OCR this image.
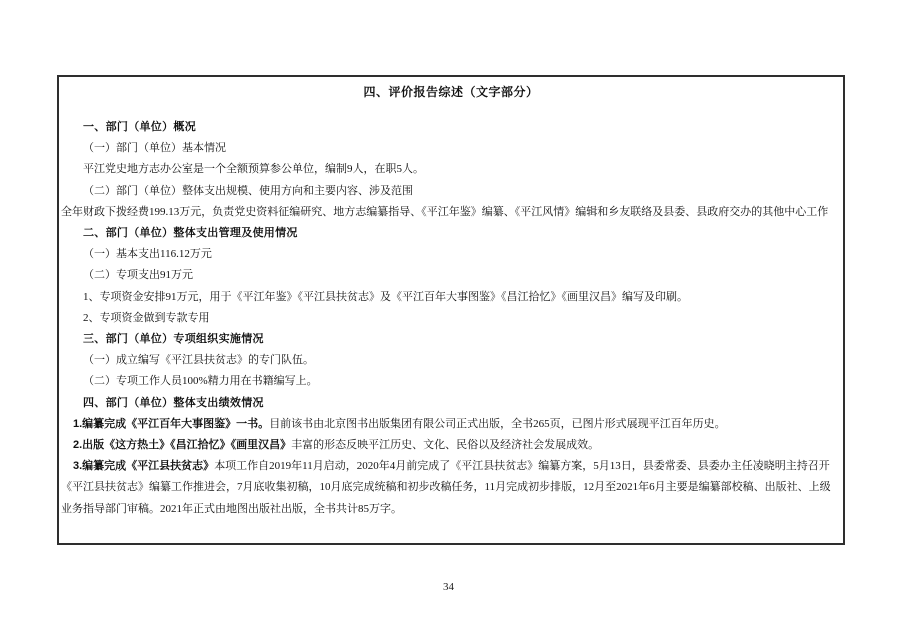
四、评价报告综述（文字部分）

一、部门（单位）概况

（一）部门（单位）基本情况

平江党史地方志办公室是一个全额预算参公单位，编制9人，在职5人。

（二）部门（单位）整体支出规模、使用方向和主要内容、涉及范围

全年财政下拨经费199.13万元，负责党史资料征编研究、地方志编纂指导、《平江年鉴》编纂、《平江风情》编辑和乡友联络及县委、县政府交办的其他中心工作

二、部门（单位）整体支出管理及使用情况

（一）基本支出116.12万元

（二）专项支出91万元

1、专项资金安排91万元，用于《平江年鉴》《平江县扶贫志》及《平江百年大事图鉴》《昌江拾忆》《画里汉昌》编写及印刷。

2、专项资金做到专款专用

三、部门（单位）专项组织实施情况

（一）成立编写《平江县扶贫志》的专门队伍。

（二）专项工作人员100%精力用在书籍编写上。

四、部门（单位）整体支出绩效情况

1.编纂完成《平江百年大事图鉴》一书。目前该书由北京图书出版集团有限公司正式出版，全书265页，已图片形式展现平江百年历史。

2.出版《这方热土》《昌江拾忆》《画里汉昌》丰富的形态反映平江历史、文化、民俗以及经济社会发展成效。

3.编纂完成《平江县扶贫志》本项工作自2019年11月启动，2020年4月前完成了《平江县扶贫志》编纂方案，5月13日，县委常委、县委办主任凌晓明主持召开《平江县扶贫志》编纂工作推进会，7月底收集初稿，10月底完成统稿和初步改稿任务，11月完成初步排版，12月至2021年6月主要是编纂部校稿、出版社、上级业务指导部门审稿。2021年正式由地图出版社出版，全书共计85万字。

34
